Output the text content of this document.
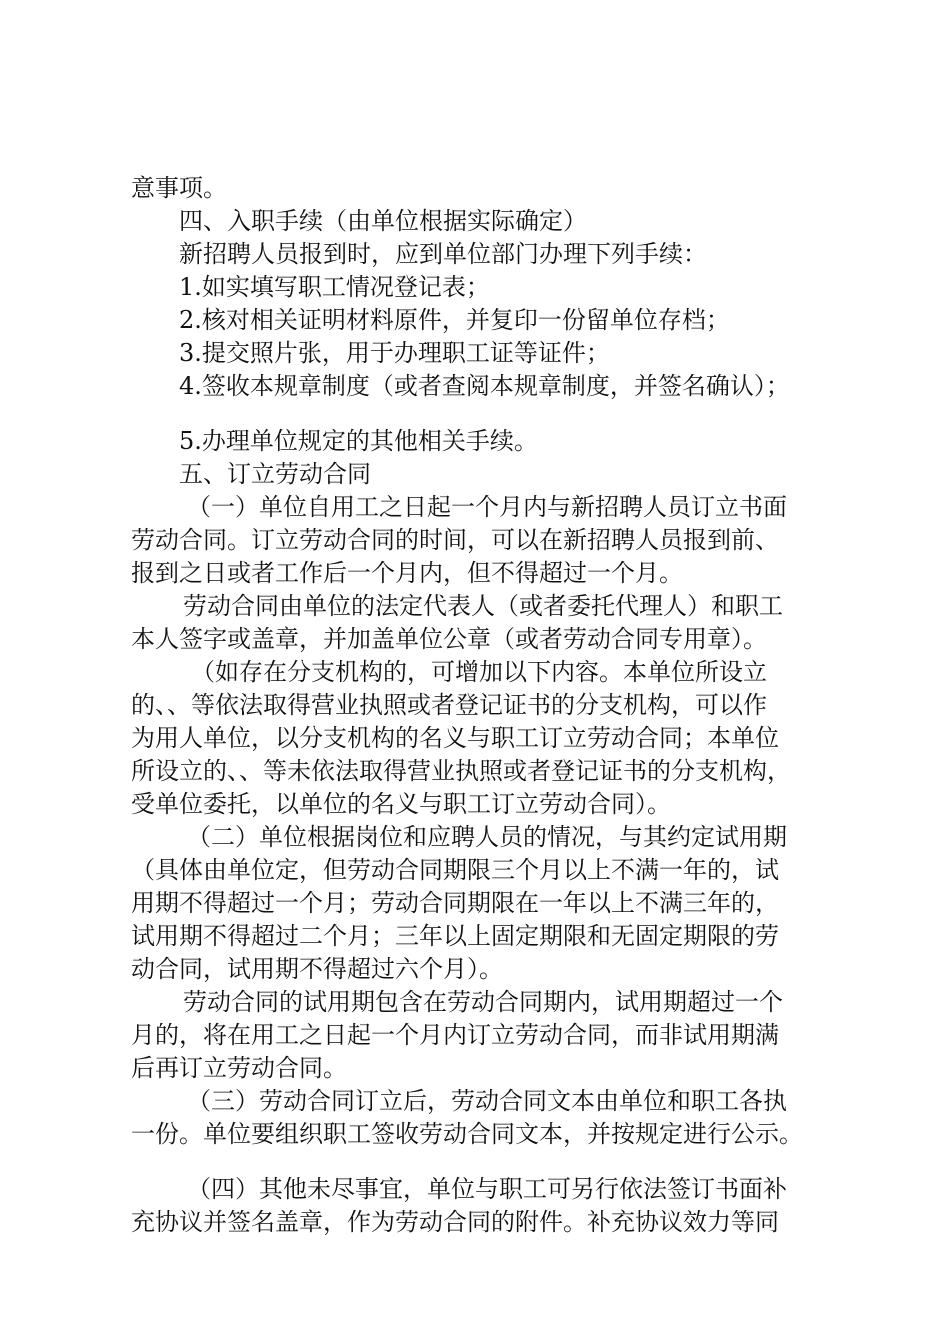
意事项。
四、入职手续（由单位根据实际确定）
新招聘人员报到时，应到单位部门办理下列手续：
1.如实填写职工情况登记表；
2.核对相关证明材料原件，并复印一份留单位存档；
3.提交照片张，用于办理职工证等证件；
4.签收本规章制度（或者查阅本规章制度，并签名确认）；
5.办理单位规定的其他相关手续。
五、订立劳动合同
（一）单位自用工之日起一个月内与新招聘人员订立书面
劳动合同。订立劳动合同的时间，可以在新招聘人员报到前、
报到之日或者工作后一个月内，但不得超过一个月。
劳动合同由单位的法定代表人（或者委托代理人）和职工
本人签字或盖章，并加盖单位公章（或者劳动合同专用章）。
（如存在分支机构的，可增加以下内容。本单位所设立
的、、等依法取得营业执照或者登记证书的分支机构，可以作
为用人单位，以分支机构的名义与职工订立劳动合同；本单位
所设立的、、等未依法取得营业执照或者登记证书的分支机构，
受单位委托，以单位的名义与职工订立劳动合同）。
（二）单位根据岗位和应聘人员的情况，与其约定试用期
（具体由单位定，但劳动合同期限三个月以上不满一年的，试
用期不得超过一个月；劳动合同期限在一年以上不满三年的，
试用期不得超过二个月；三年以上固定期限和无固定期限的劳
动合同，试用期不得超过六个月）。
劳动合同的试用期包含在劳动合同期内，试用期超过一个
月的，将在用工之日起一个月内订立劳动合同，而非试用期满
后再订立劳动合同。
（三）劳动合同订立后，劳动合同文本由单位和职工各执
一份。单位要组织职工签收劳动合同文本，并按规定进行公示。
（四）其他未尽事宜，单位与职工可另行依法签订书面补
充协议并签名盖章，作为劳动合同的附件。补充协议效力等同
